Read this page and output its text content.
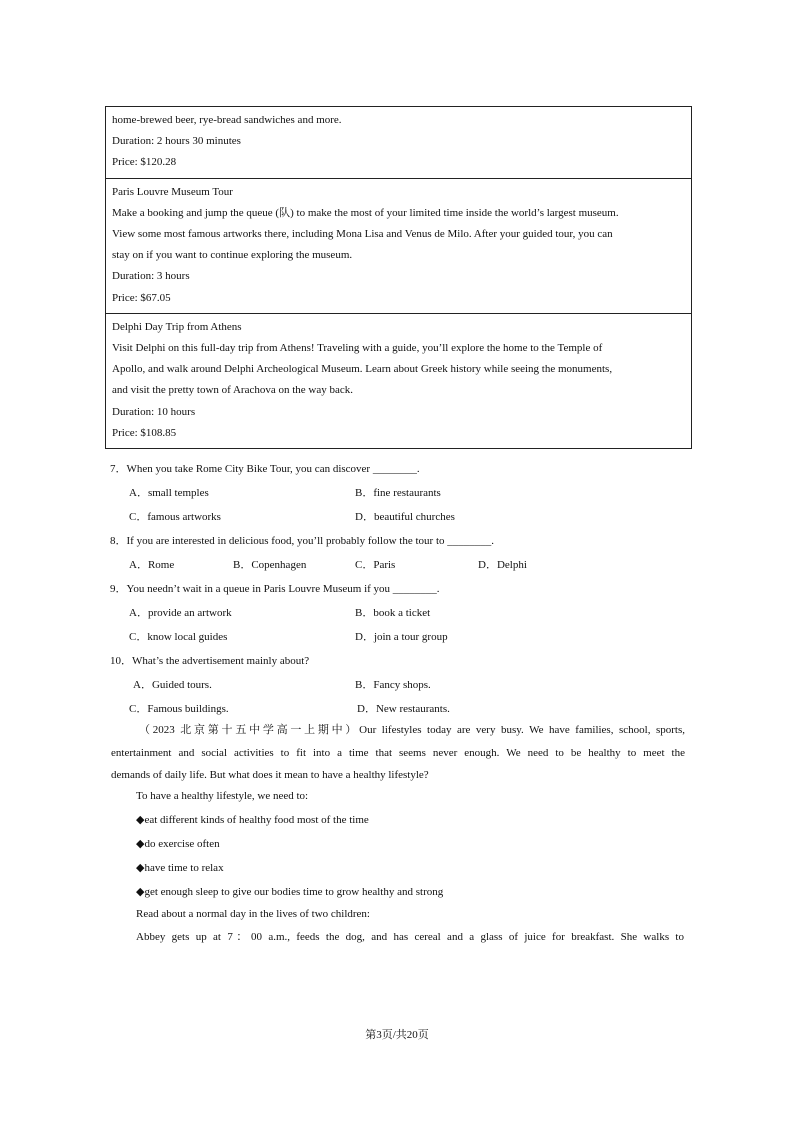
home-brewed beer, rye-bread sandwiches and more.
Duration: 2 hours 30 minutes
Price: $120.28
Paris Louvre Museum Tour
Make a booking and jump the queue (队) to make the most of your limited time inside the world’s largest museum.
View some most famous artworks there, including Mona Lisa and Venus de Milo. After your guided tour, you can
stay on if you want to continue exploring the museum.
Duration: 3 hours
Price: $67.05
Delphi Day Trip from Athens
Visit Delphi on this full-day trip from Athens! Traveling with a guide, you’ll explore the home to the Temple of
Apollo, and walk around Delphi Archeological Museum. Learn about Greek history while seeing the monuments,
and visit the pretty town of Arachova on the way back.
Duration: 10 hours
Price: $108.85
7．When you take Rome City Bike Tour, you can discover ________.
A．small temples	B．fine restaurants
C．famous artworks	D．beautiful churches
8．If you are interested in delicious food, you’ll probably follow the tour to ________.
A．Rome	B．Copenhagen	C．Paris	D．Delphi
9．You needn’t wait in a queue in Paris Louvre Museum if you ________.
A．provide an artwork	B．book a ticket
C．know local guides	D．join a tour group
10．What’s the advertisement mainly about?
A．Guided tours.	B．Fancy shops.
C．Famous buildings.	D．New restaurants.
（2023 北京第十五中学高一上期中）Our lifestyles today are very busy. We have families, school, sports,
entertainment and social activities to fit into a time that seems never enough. We need to be healthy to meet the
demands of daily life. But what does it mean to have a healthy lifestyle?
To have a healthy lifestyle, we need to:
◆eat different kinds of healthy food most of the time
◆do exercise often
◆have time to relax
◆get enough sleep to give our bodies time to grow healthy and strong
Read about a normal day in the lives of two children:
Abbey gets up at 7：00 a.m., feeds the dog, and has cereal and a glass of juice for breakfast. She walks to
第3页/共20页
